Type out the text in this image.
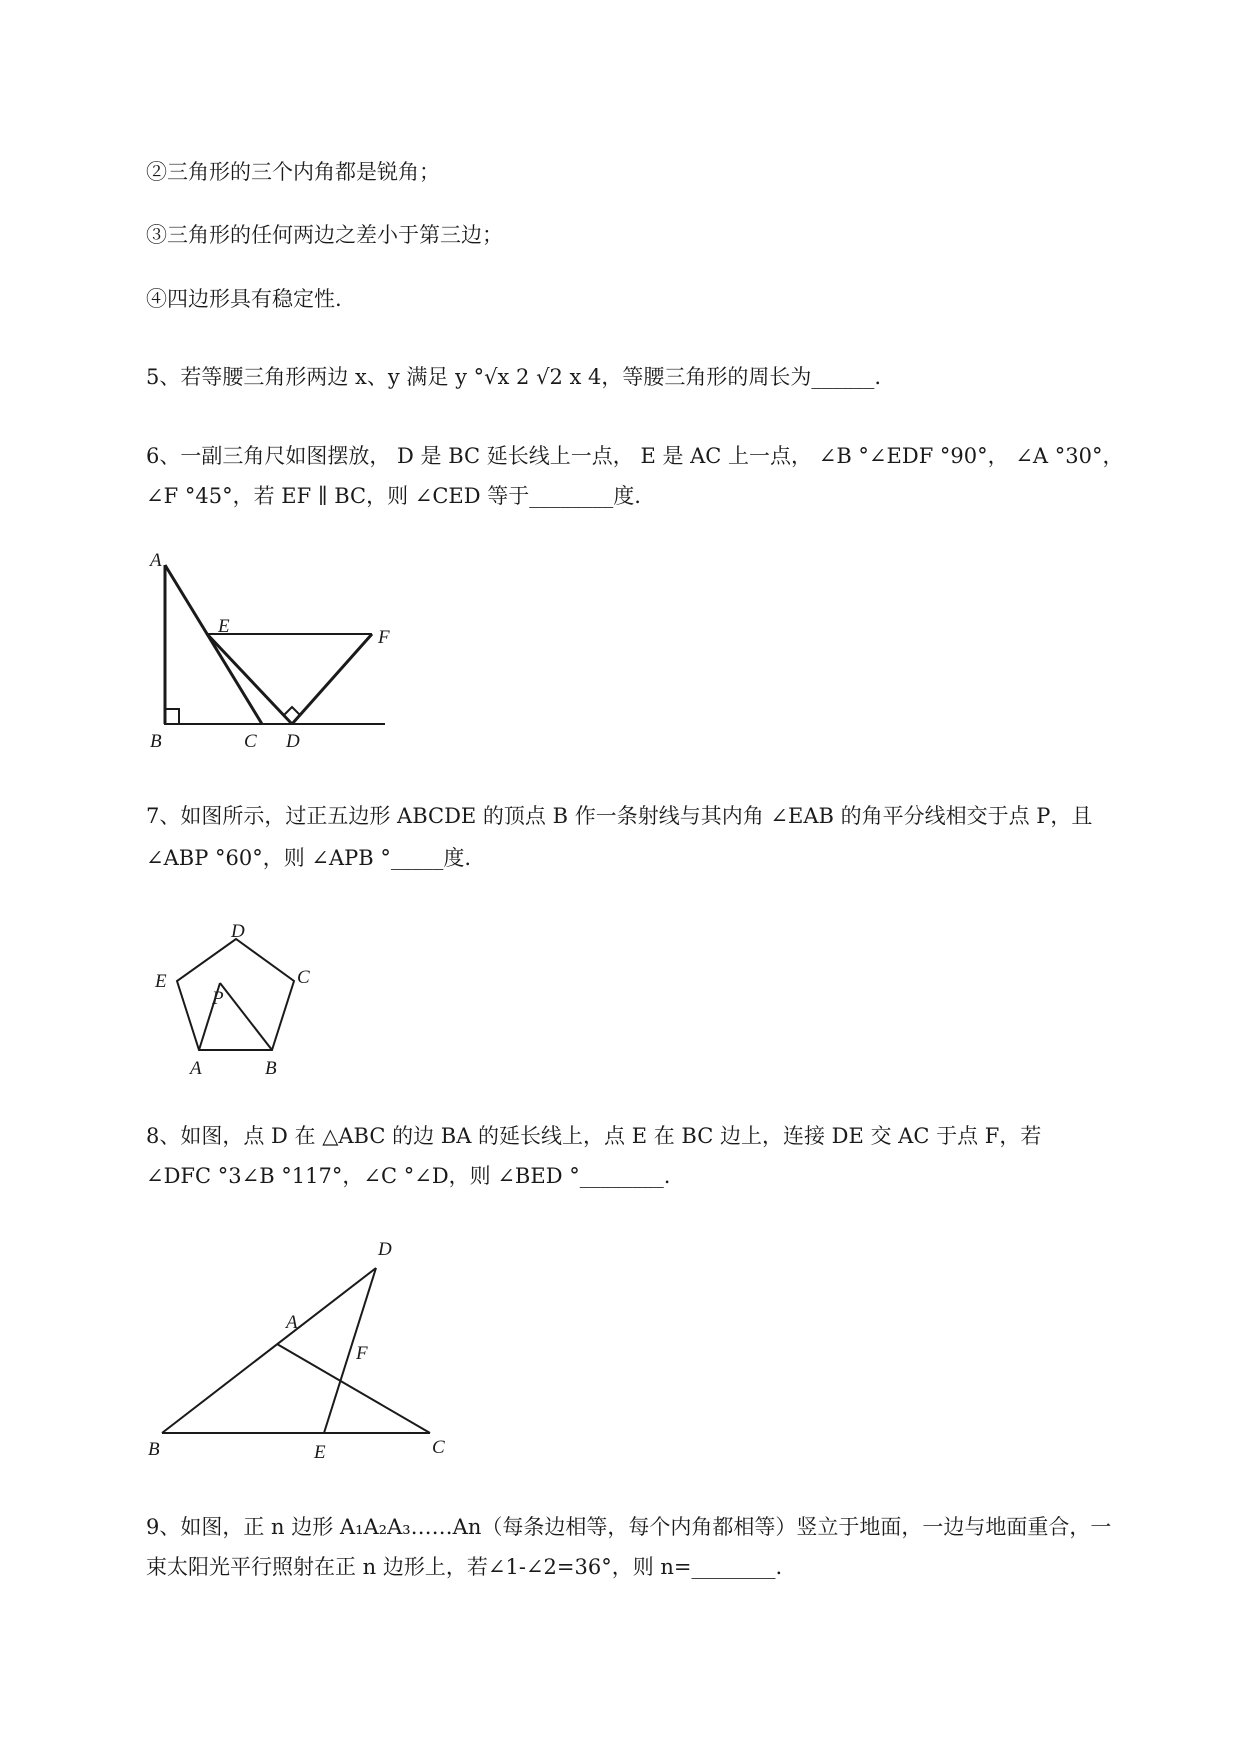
②三角形的三个内角都是锐角；
③三角形的任何两边之差小于第三边；
④四边形具有稳定性.
5、若等腰三角形两边 x、y 满足 y °√x 2 √2 x 4，等腰三角形的周长为______.
6、一副三角尺如图摆放， D 是 BC 延长线上一点， E 是 AC 上一点， ∠B °∠EDF °90°， ∠A °30°，
∠F °45°，若 EF ∥ BC，则 ∠CED 等于________度.
A
B	C D
E
F
7、如图所示，过正五边形 ABCDE 的顶点 B 作一条射线与其内角 ∠EAB 的角平分线相交于点 P，且
∠ABP °60°，则 ∠APB °_____度.
D
E	C
P
A	B
8、如图，点 D 在 △ABC 的边 BA 的延长线上，点 E 在 BC 边上，连接 DE 交 AC 于点 F，若
∠DFC °3∠B °117°，∠C °∠D，则 ∠BED °________.
D
A
F
B	E	C
9、如图，正 n 边形 A₁A₂A₃……An（每条边相等，每个内角都相等）竖立于地面，一边与地面重合，一
束太阳光平行照射在正 n 边形上，若∠1-∠2=36°，则 n=________.
